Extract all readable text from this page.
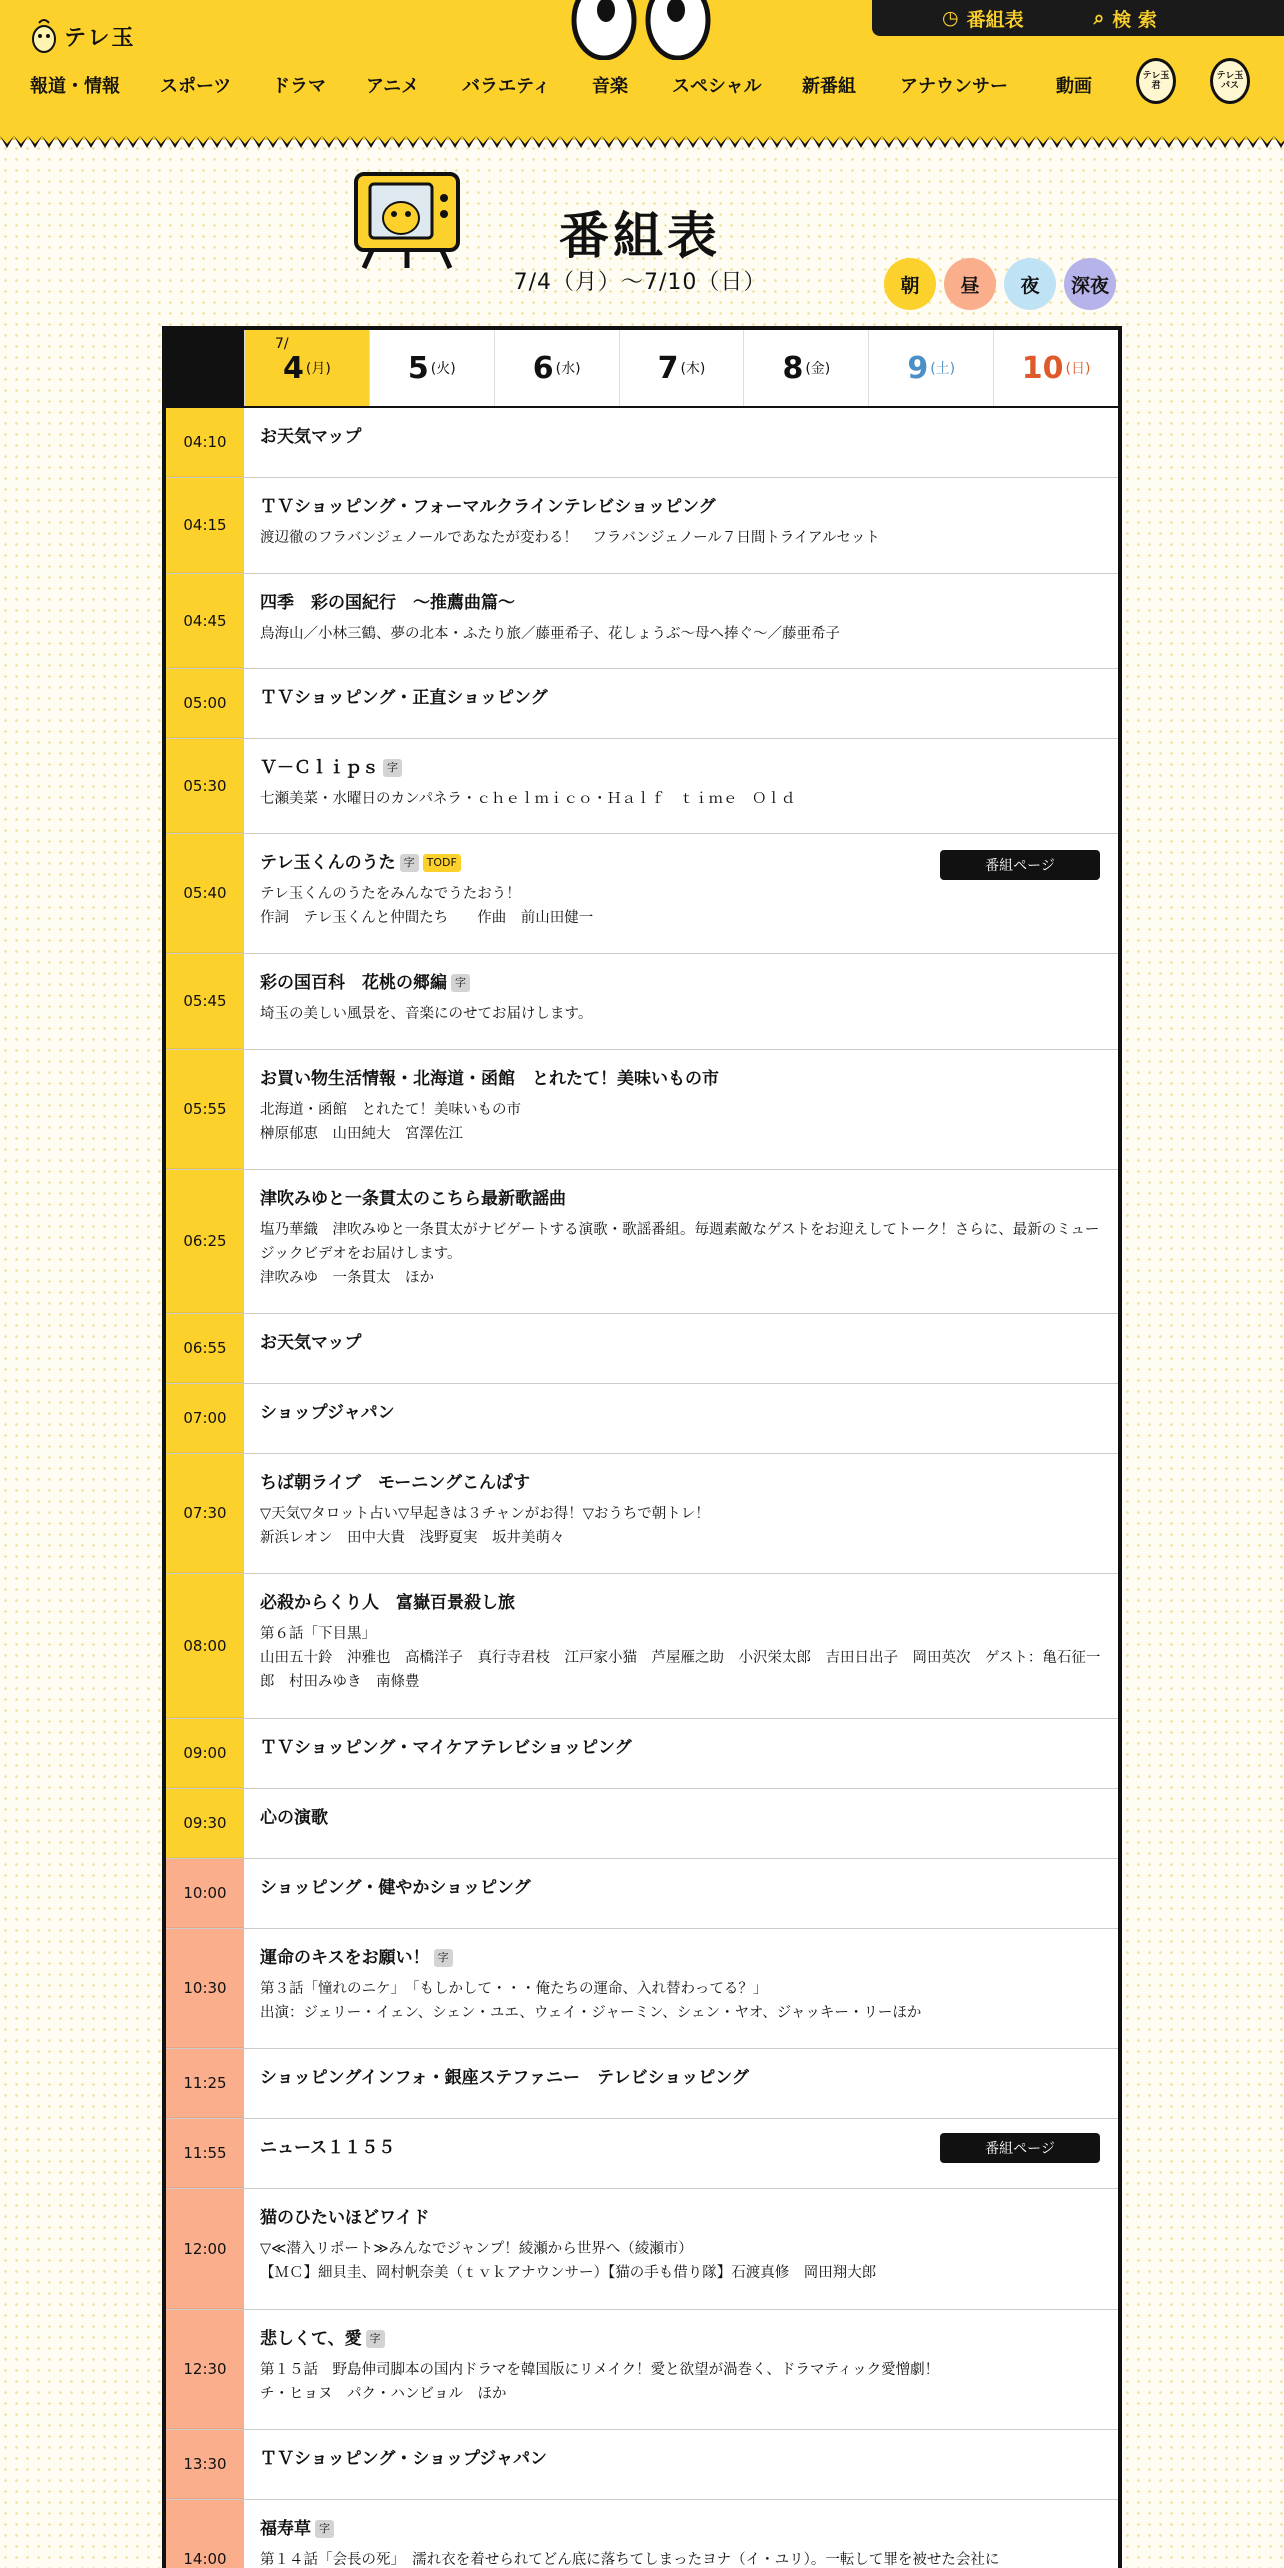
テレ玉
◷ 番組表	⌕ 検 索
報道・情報 スポーツ ドラマ アニメ バラエティ 音楽 スペシャル 新番組 アナウンサー	動画	テレ玉君
テレ玉パス
番組表
7/4（月）〜7/10（日）	朝	昼	夜	深夜
7/
4 (月)	5 (火)	6 (水)	7 (木)	8 (金)	9 (土) 10 (日)
04:10	お天気マップ
04:15
ＴＶショッピング・フォーマルクラインテレビショッピング
渡辺徹のフラバンジェノールであなたが変わる！　フラバンジェノール７日間トライアルセット
04:45
四季　彩の国紀行　～推薦曲篇～
鳥海山／小林三鶴、夢の北本・ふたり旅／藤亜希子、花しょうぶ～母へ捧ぐ～／藤亜希子
05:00	ＴＶショッピング・正直ショッピング
05:30
Ｖ－Ｃｌｉｐｓ 字
七瀬美菜・水曜日のカンパネラ・ｃｈｅｌｍｉｃｏ・Ｈａｌｆ　ｔｉｍｅ　Ｏｌｄ
05:40
テレ玉くんのうた 字 TODF
テレ玉くんのうたをみんなでうたおう！
作詞　テレ玉くんと仲間たち　　作曲　前山田健一
番組ページ
05:45
彩の国百科　花桃の郷編 字
埼玉の美しい風景を、音楽にのせてお届けします。
05:55
お買い物生活情報・北海道・函館　とれたて！美味いもの市
北海道・函館　とれたて！美味いもの市
榊原郁恵　山田純大　宮澤佐江
06:25
津吹みゆと一条貫太のこちら最新歌謡曲
塩乃華織　津吹みゆと一条貫太がナビゲートする演歌・歌謡番組。毎週素敵なゲストをお迎えしてトーク！さらに、最新のミュージックビデオをお届けします。
津吹みゆ　一条貫太　ほか
06:55	お天気マップ
07:00	ショップジャパン
07:30
ちば朝ライブ　モーニングこんぱす
▽天気▽タロット占い▽早起きは３チャンがお得！▽おうちで朝トレ！
新浜レオン　田中大貴　浅野夏実　坂井美萌々
08:00
必殺からくり人　富嶽百景殺し旅
第６話「下目黒」
山田五十鈴　沖雅也　高橋洋子　真行寺君枝　江戸家小猫　芦屋雁之助　小沢栄太郎　吉田日出子　岡田英次　ゲスト：亀石征一郎　村田みゆき　南條豊
09:00	ＴＶショッピング・マイケアテレビショッピング
09:30	心の演歌
10:00	ショッピング・健やかショッピング
10:30
運命のキスをお願い！ 字
第３話「憧れのニケ」　「もしかして・・・俺たちの運命、入れ替わってる？」
出演：ジェリー・イェン、シェン・ユエ、ウェイ・ジャーミン、シェン・ヤオ、ジャッキー・リーほか
11:25	ショッピングインフォ・銀座ステファニー　テレビショッピング
11:55	ニュース１１５５	番組ページ
12:00
猫のひたいほどワイド
▽≪潜入リポート≫みんなでジャンプ！綾瀬から世界へ（綾瀬市）
【ＭＣ】細貝圭、岡村帆奈美（ｔｖｋアナウンサー）【猫の手も借り隊】石渡真修　岡田翔大郎
12:30
悲しくて、愛 字
第１５話　野島伸司脚本の国内ドラマを韓国版にリメイク！愛と欲望が渦巻く、ドラマティック愛憎劇！
チ・ヒョヌ　パク・ハンビョル　ほか
13:30	ＴＶショッピング・ショップジャパン
14:00
福寿草 字
第１４話「会長の死」　濡れ衣を着せられてどん底に落ちてしまったヨナ（イ・ユリ）。一転して罪を被せた会社に
